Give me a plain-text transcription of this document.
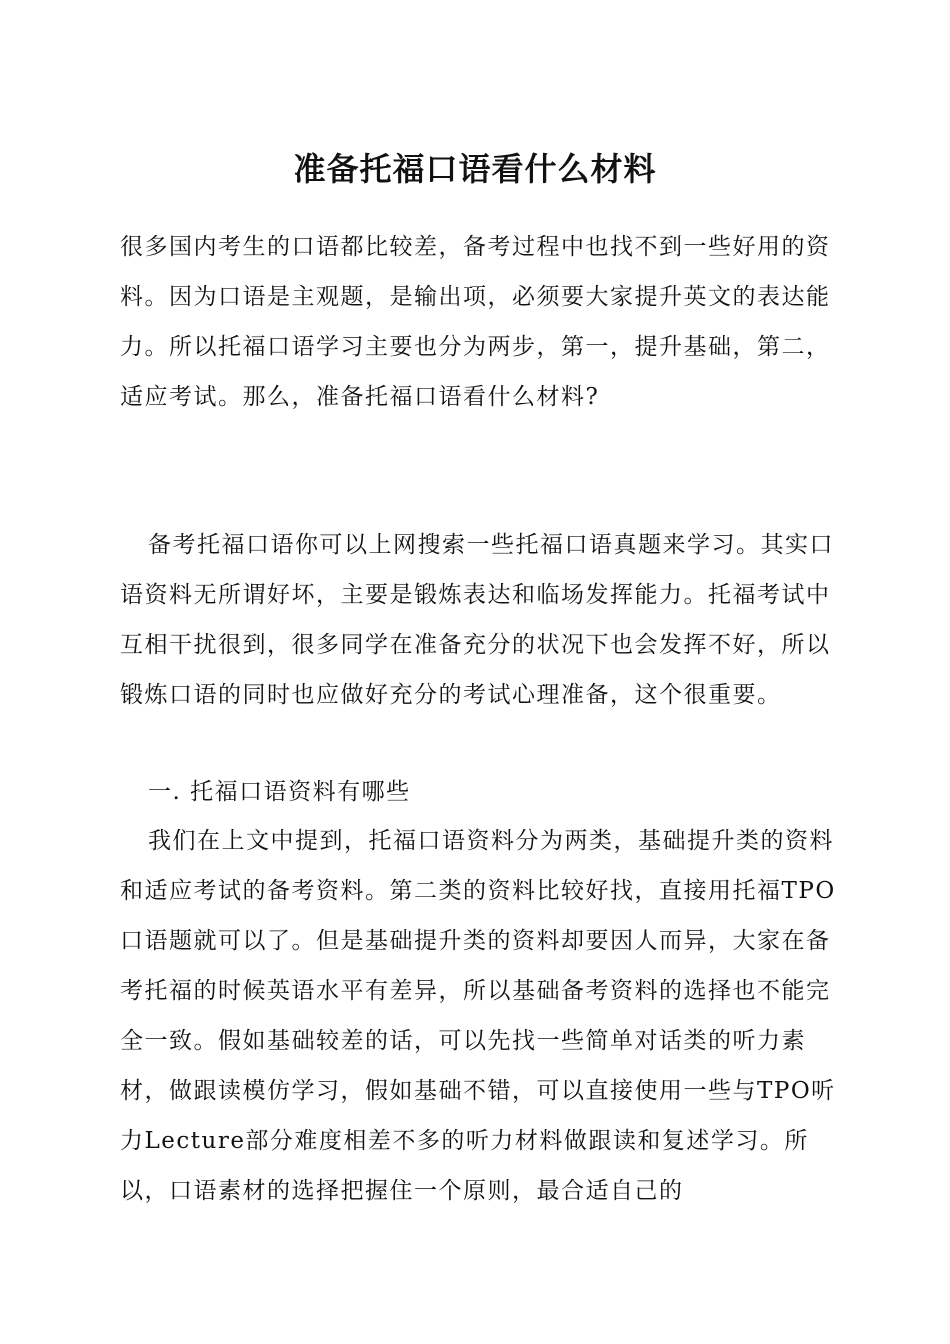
准备托福口语看什么材料

很多国内考生的口语都比较差，备考过程中也找不到一些好用的资料。因为口语是主观题，是输出项，必须要大家提升英文的表达能力。所以托福口语学习主要也分为两步，第一，提升基础，第二，适应考试。那么，准备托福口语看什么材料?

备考托福口语你可以上网搜索一些托福口语真题来学习。其实口语资料无所谓好坏，主要是锻炼表达和临场发挥能力。托福考试中互相干扰很到，很多同学在准备充分的状况下也会发挥不好，所以锻炼口语的同时也应做好充分的考试心理准备，这个很重要。

一. 托福口语资料有哪些

我们在上文中提到，托福口语资料分为两类，基础提升类的资料和适应考试的备考资料。第二类的资料比较好找，直接用托福TPO口语题就可以了。但是基础提升类的资料却要因人而异，大家在备考托福的时候英语水平有差异，所以基础备考资料的选择也不能完全一致。假如基础较差的话，可以先找一些简单对话类的听力素材，做跟读模仿学习，假如基础不错，可以直接使用一些与TPO听力Lecture部分难度相差不多的听力材料做跟读和复述学习。所以，口语素材的选择把握住一个原则，最合适自己的
